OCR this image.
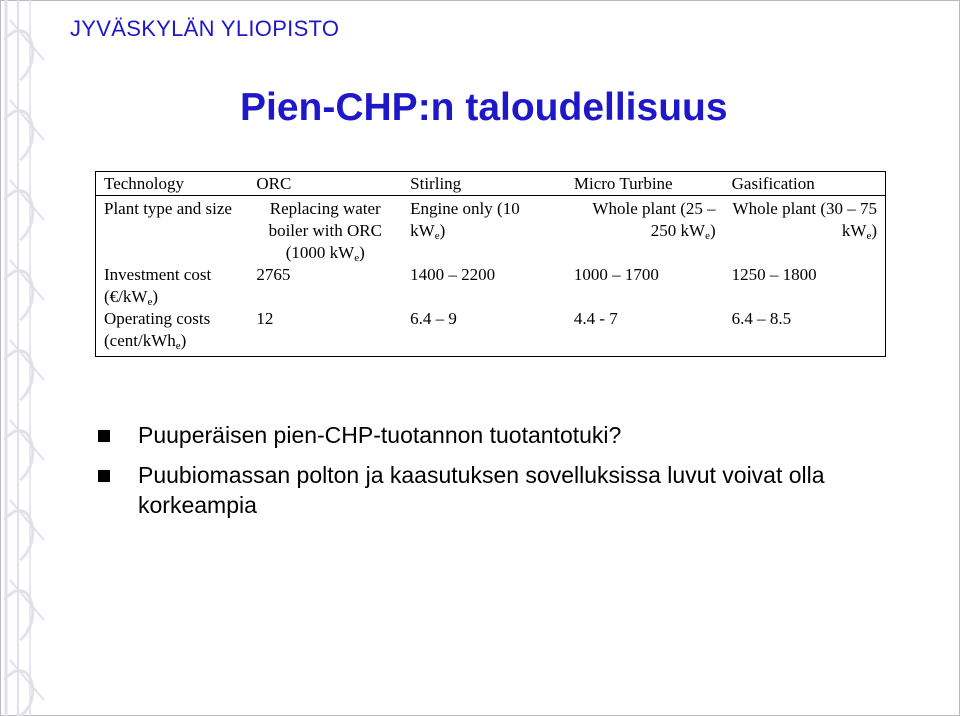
JYVÄSKYLÄN YLIOPISTO
Pien-CHP:n taloudellisuus
Technology	ORC	Stirling	Micro Turbine	Gasification
Plant type and size	Replacing water boiler with ORC (1000 $kW_e$)	Engine only (10 $kW_e$)	Whole plant (25 – 250 $kW_e$)	Whole plant (30 – 75 $kW_e$)

Investment cost $(€/kW_e)$	2765	1400 – 2200	1000 – 1700	1250 – 1800
Operating costs (cent/kWh$_e$)	12	6.4 – 9	4.4 - 7	6.4 – 8.5
Puuperäisen pien-CHP-tuotannon tuotantotuki?
Puubiomassan polton ja kaasutuksen sovelluksissa luvut voivat olla korkeampia
